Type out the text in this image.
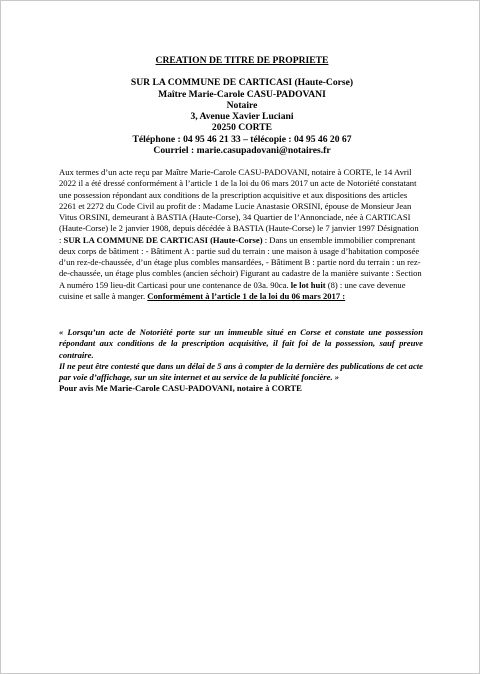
CREATION DE TITRE DE PROPRIETE
SUR LA COMMUNE DE CARTICASI (Haute-Corse)
Maître Marie-Carole CASU-PADOVANI
Notaire
3, Avenue Xavier Luciani
20250 CORTE
Téléphone : 04 95 46 21 33 – télécopie : 04 95 46 20 67
Courriel : marie.casupadovani@notaires.fr

Aux termes d’un acte reçu par Maître Marie-Carole CASU-PADOVANI, notaire à CORTE, le 14 Avril 2022 il a été dressé conformément à l’article 1 de la loi du 06 mars 2017 un acte de Notoriété constatant une possession répondant aux conditions de la prescription acquisitive et aux dispositions des articles 2261 et 2272 du Code Civil au profit de : Madame Lucie Anastasie ORSINI, épouse de Monsieur Jean Vitus ORSINI, demeurant à BASTIA (Haute-Corse), 34 Quartier de l’Annonciade, née à CARTICASI (Haute-Corse) le 2 janvier 1908, depuis décédée à BASTIA (Haute-Corse) le 7 janvier 1997 Désignation : SUR LA COMMUNE DE CARTICASI (Haute-Corse) : Dans un ensemble immobilier comprenant deux corps de bâtiment : - Bâtiment A : partie sud du terrain : une maison à usage d’habitation composée d’un rez-de-chaussée, d’un étage plus combles mansardées, - Bâtiment B : partie nord du terrain : un rez-de-chaussée, un étage plus combles (ancien séchoir) Figurant au cadastre de la manière suivante : Section A numéro 159 lieu-dit Carticasi pour une contenance de 03a. 90ca. le lot huit (8) : une cave devenue cuisine et salle à manger. Conformément à l’article 1 de la loi du 06 mars 2017 :

« Lorsqu’un acte de Notoriété porte sur un immeuble situé en Corse et constate une possession répondant aux conditions de la prescription acquisitive, il fait foi de la possession, sauf preuve contraire.

Il ne peut être contesté que dans un délai de 5 ans à compter de la dernière des publications de cet acte par voie d’affichage, sur un site internet et au service de la publicité foncière. »

Pour avis Me Marie-Carole CASU-PADOVANI, notaire à CORTE
